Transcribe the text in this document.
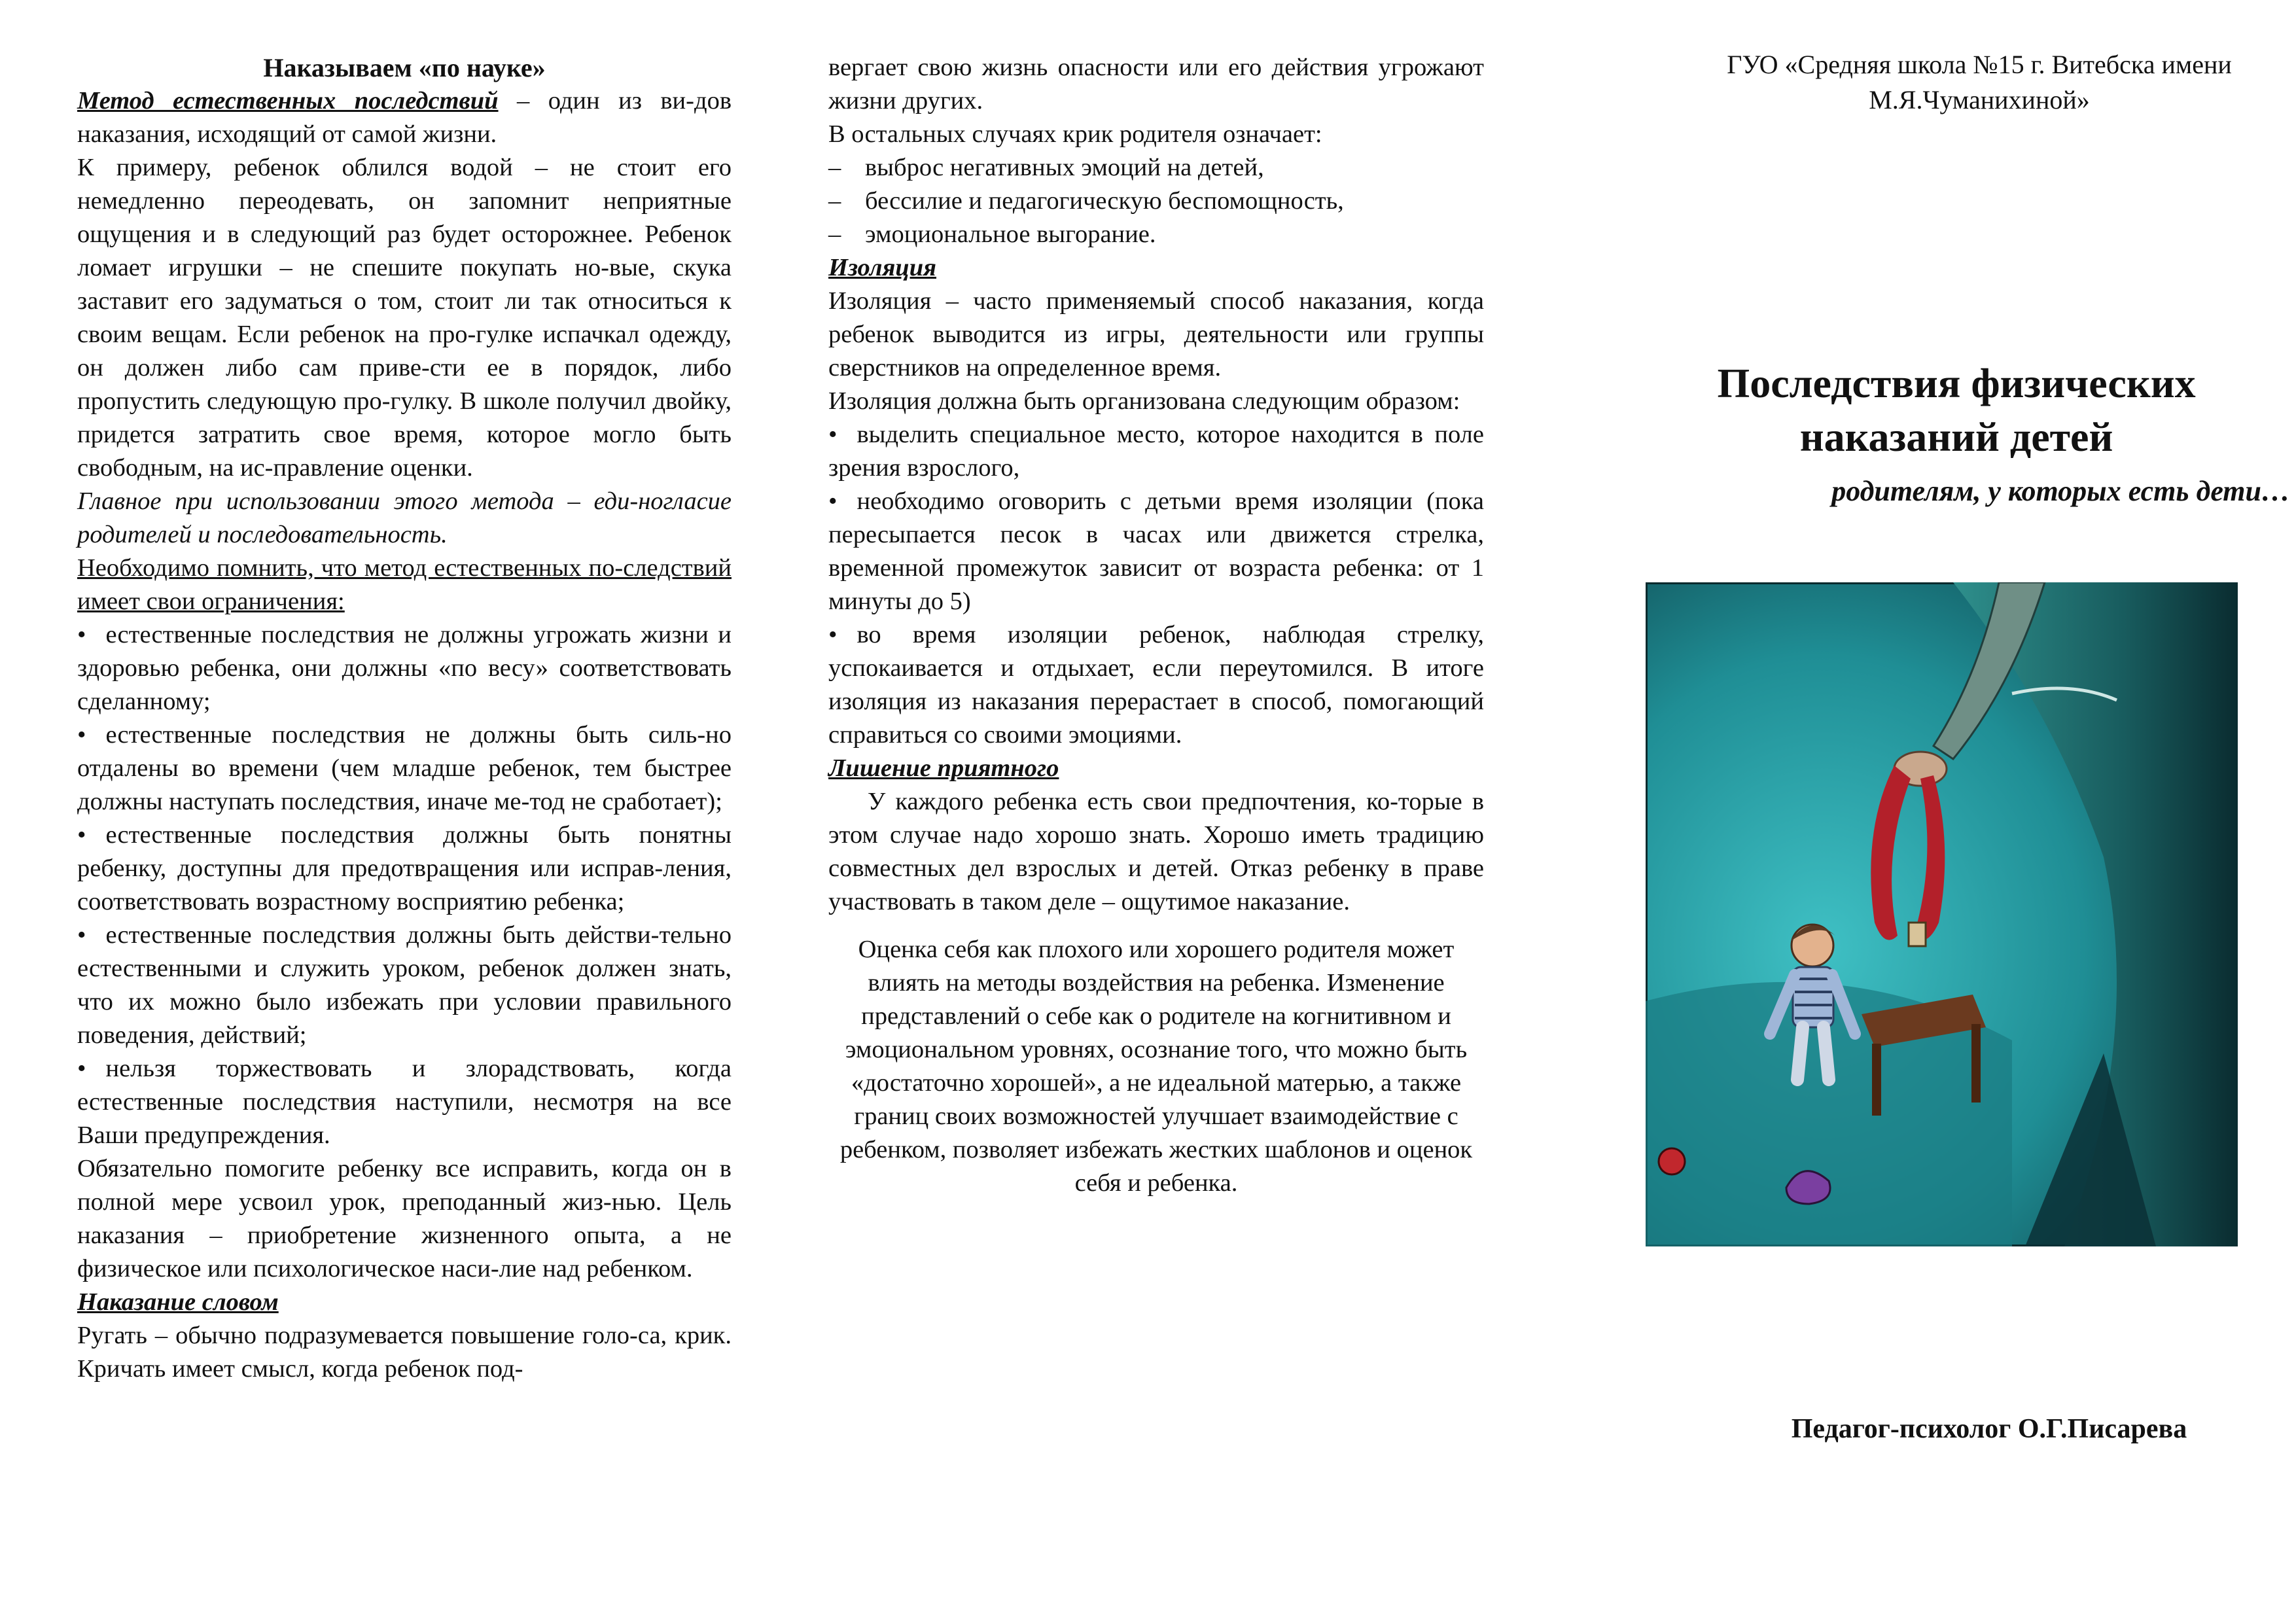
Наказываем «по науке»

Метод естественных последствий – один из ви-дов наказания, исходящий от самой жизни.

К примеру, ребенок облился водой – не стоит его немедленно переодевать, он запомнит неприятные ощущения и в следующий раз будет осторожнее. Ребенок ломает игрушки – не спешите покупать но-вые, скука заставит его задуматься о том, стоит ли так относиться к своим вещам. Если ребенок на про-гулке испачкал одежду, он должен либо сам приве-сти ее в порядок, либо пропустить следующую про-гулку. В школе получил двойку, придется затратить свое время, которое могло быть свободным, на ис-правление оценки.

Главное при использовании этого метода – еди-ногласие родителей и последовательность.

Необходимо помнить, что метод естественных по-следствий имеет свои ограничения:

• естественные последствия не должны угрожать жизни и здоровью ребенка, они должны «по весу» соответствовать сделанному;
• естественные последствия не должны быть силь-но отдалены во времени (чем младше ребенок, тем быстрее должны наступать последствия, иначе ме-тод не сработает);
• естественные последствия должны быть понятны ребенку, доступны для предотвращения или исправ-ления, соответствовать возрастному восприятию ребенка;
• естественные последствия должны быть действи-тельно естественными и служить уроком, ребенок должен знать, что их можно было избежать при условии правильного поведения, действий;
• нельзя торжествовать и злорадствовать, когда естественные последствия наступили, несмотря на все Ваши предупреждения.

Обязательно помогите ребенку все исправить, когда он в полной мере усвоил урок, преподанный жиз-нью. Цель наказания – приобретение жизненного опыта, а не физическое или психологическое наси-лие над ребенком.

Наказание словом

Ругать – обычно подразумевается повышение голо-са, крик. Кричать имеет смысл, когда ребенок под-

вергает свою жизнь опасности или его действия угрожают жизни других.

В остальных случаях крик родителя означает:

– выброс негативных эмоций на детей,
– бессилие и педагогическую беспомощность,
– эмоциональное выгорание.

Изоляция

Изоляция – часто применяемый способ наказания, когда ребенок выводится из игры, деятельности или группы сверстников на определенное время.

Изоляция должна быть организована следующим образом:

• выделить специальное место, которое находится в поле зрения взрослого,
• необходимо оговорить с детьми время изоляции (пока пересыпается песок в часах или движется стрелка, временной промежуток зависит от возраста ребенка: от 1 минуты до 5)
• во время изоляции ребенок, наблюдая стрелку, успокаивается и отдыхает, если переутомился. В итоге изоляция из наказания перерастает в способ, помогающий справиться со своими эмоциями.

Лишение приятного

У каждого ребенка есть свои предпочтения, ко-торые в этом случае надо хорошо знать. Хорошо иметь традицию совместных дел взрослых и детей. Отказ ребенку в праве участвовать в таком деле – ощутимое наказание.

Оценка себя как плохого или хорошего родителя может влиять на методы воздействия на ребенка. Изменение представлений о себе как о родителе на когнитивном и эмоциональном уровнях, осознание того, что можно быть «достаточно хорошей», а не идеальной матерью, а также границ своих возможностей улучшает взаимодействие с ребенком, позволяет избежать жестких шаблонов и оценок себя и ребенка.

ГУО «Средняя школа №15 г. Витебска имени М.Я.Чуманихиной»

Последствия физических
наказаний детей

родителям, у которых есть дети…

Педагог-психолог О.Г.Писарева
